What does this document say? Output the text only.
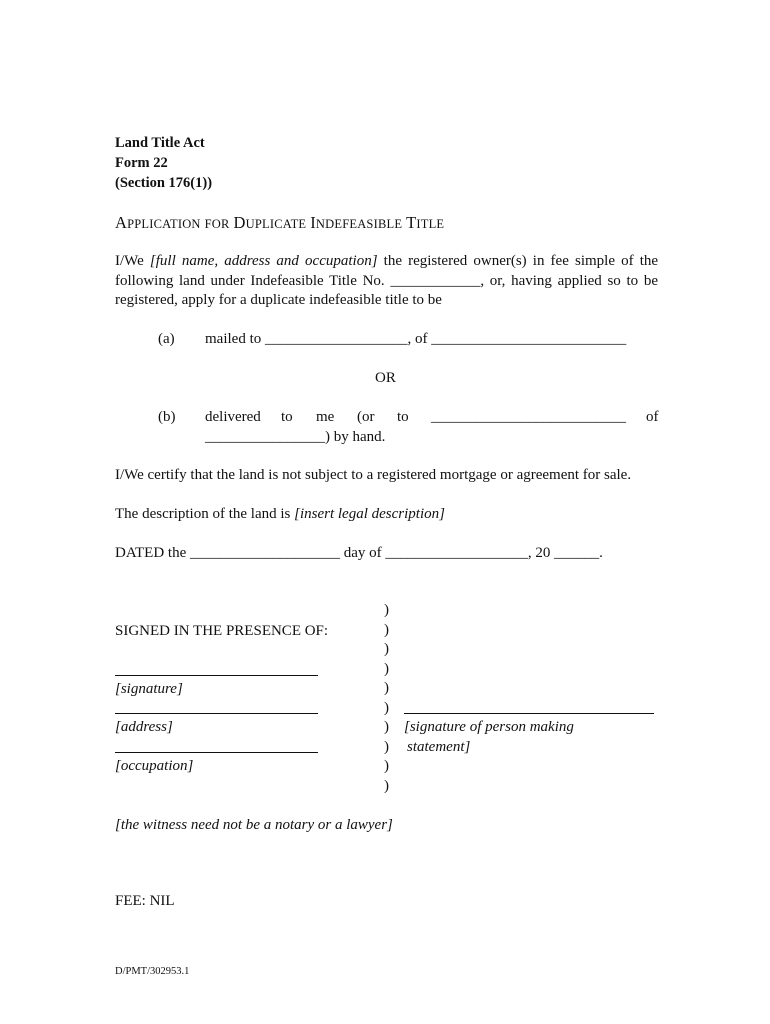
Land Title Act
Form 22
(Section 176(1))
APPLICATION FOR DUPLICATE INDEFEASIBLE TITLE
I/We [full name, address and occupation] the registered owner(s) in fee simple of the
following land under Indefeasible Title No. ____________, or, having applied so to be
registered, apply for a duplicate indefeasible title to be
(a) mailed to ___________________, of __________________________
OR
(b) delivered to me (or to __________________________ of
________________) by hand.
I/We certify that the land is not subject to a registered mortgage or agreement for sale.
The description of the land is [insert legal description]
DATED the ____________________ day of ___________________, 20 ______.
SIGNED IN THE PRESENCE OF:
)
)
)
)
)
)
)
)
)
)
[signature]
[address]
[occupation]
[signature of person making
statement]
[the witness need not be a notary or a lawyer]
FEE: NIL
D/PMT/302953.1
